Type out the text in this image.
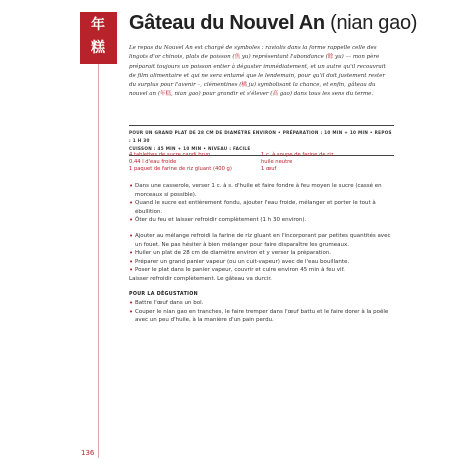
年
糕
Gâteau du Nouvel An (nian gao)
Le repas du Nouvel An est chargé de symboles : raviolis dans la forme rappelle celle des lingots d'or chinois, plats de poisson (魚 yu) représentant l'abondance (餘 yu) — mon père préparait toujours un poisson entier à déguster immédiatement, et un autre qu'il recouvrait de film alimentaire et qui ne sera entamé que le lendemain, pour qu'il doit justement rester du surplus pour l'avenir –, clémentines (橘 ju) symbolisant la chance, et enfin, gâteau du nouvel an (年糕, nian gao) pour grandir et s'élever (高 gao) dans tous les sens du terme.
POUR UN GRAND PLAT DE 28 CM DE DIAMÈTRE ENVIRON • PRÉPARATION : 10 MIN + 10 MIN • REPOS : 1 H 30
CUISSON : 45 MIN + 10 MIN • NIVEAU : FACILE
4 tablettes de sucre candi brun
0,44 l d'eau froide
1 paquet de farine de riz gluant (400 g)
1 c. à soupe de farine de riz
huile neutre
1 œuf
• Dans une casserole, verser 1 c. à s. d'huile et faire fondre à feu moyen le sucre (cassé en morceaux si possible).
• Quand le sucre est entièrement fondu, ajouter l'eau froide, mélanger et porter le tout à ébullition.
• Ôter du feu et laisser refroidir complètement (1 h 30 environ).
• Ajouter au mélange refroidi la farine de riz gluant en l'incorporant par petites quantités avec un fouet. Ne pas hésiter à bien mélanger pour faire disparaître les grumeaux.
• Huiler un plat de 28 cm de diamètre environ et y verser la préparation.
• Préparer un grand panier vapeur (ou un cuit-vapeur) avec de l'eau bouillante.
• Poser le plat dans le panier vapeur, couvrir et cuire environ 45 min à feu vif.
Laisser refroidir complètement. Le gâteau va durcir.
POUR LA DÉGUSTATION
• Battre l'œuf dans un bol.
• Couper le nian gao en tranches, le faire tremper dans l'œuf battu et le faire dorer à la poêle avec un peu d'huile, à la manière d'un pain perdu.
136
